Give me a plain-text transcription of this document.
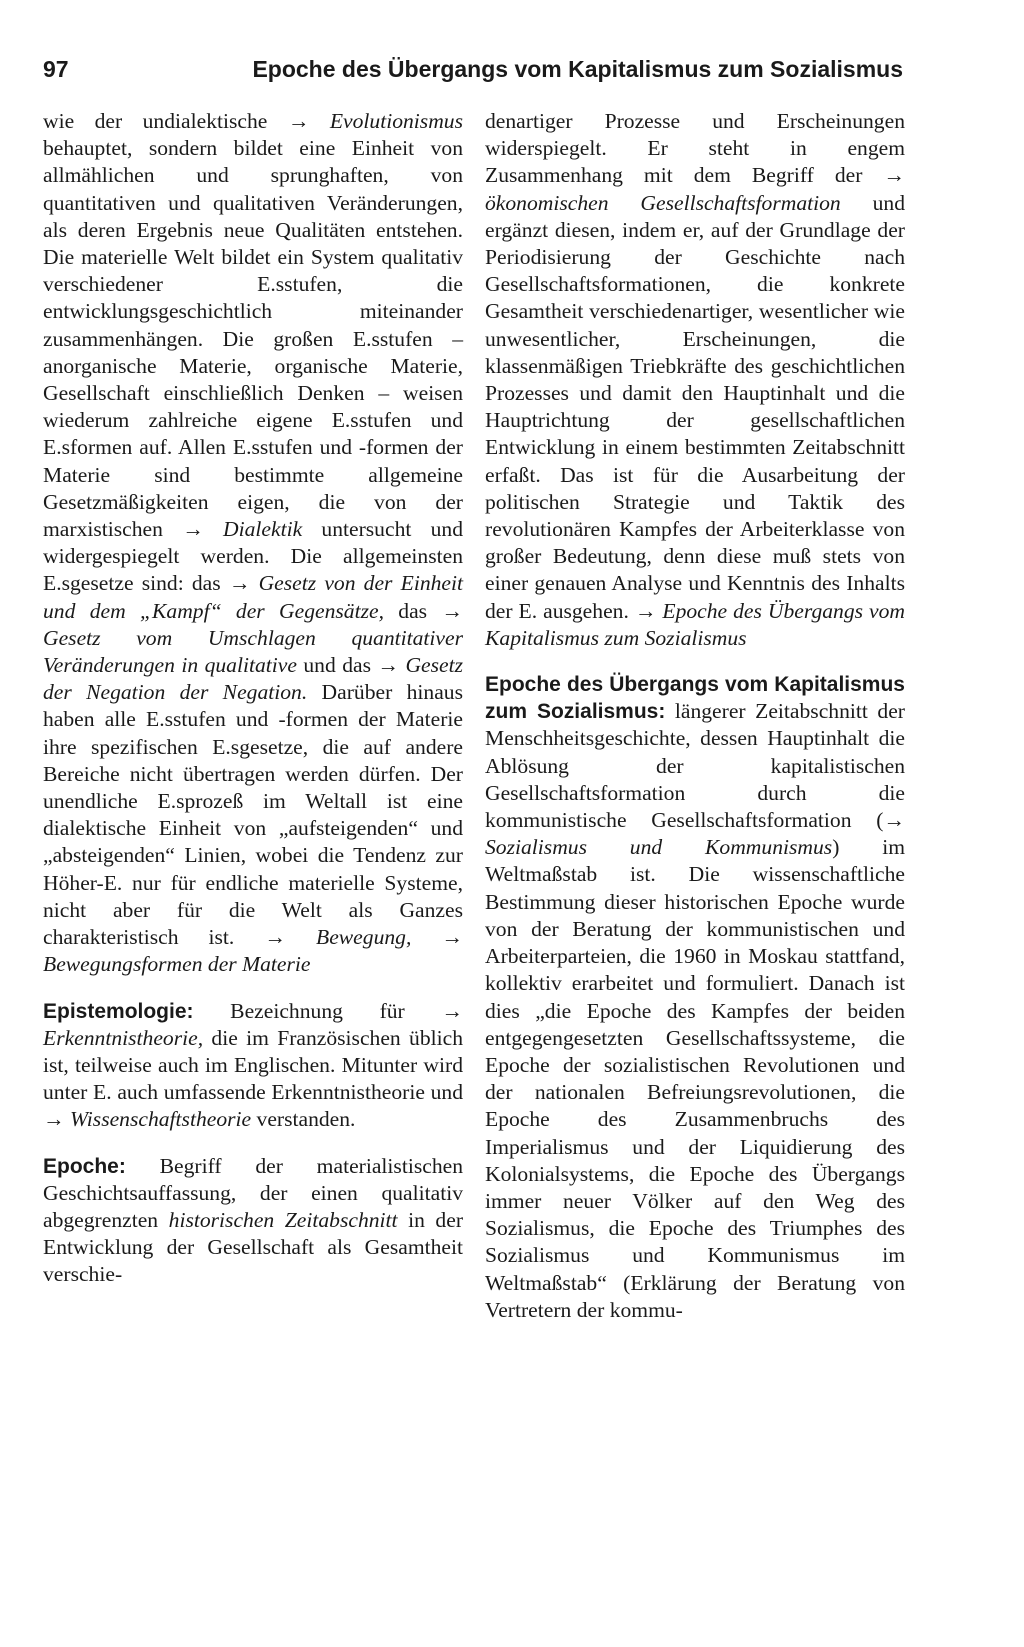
97	Epoche des Übergangs vom Kapitalismus zum Sozialismus

wie der undialektische → Evolutionismus behauptet, sondern bildet eine Einheit von allmählichen und sprunghaften, von quantitativen und qualitativen Veränderungen, als deren Ergebnis neue Qualitäten entstehen. Die materielle Welt bildet ein System qualitativ verschiedener E.sstufen, die entwicklungsgeschichtlich miteinander zusammenhängen. Die großen E.sstufen – anorganische Materie, organische Materie, Gesellschaft einschließlich Denken – weisen wiederum zahlreiche eigene E.sstufen und E.sformen auf. Allen E.sstufen und -formen der Materie sind bestimmte allgemeine Gesetzmäßigkeiten eigen, die von der marxistischen → Dialektik untersucht und widergespiegelt werden. Die allgemeinsten E.sgesetze sind: das → Gesetz von der Einheit und dem „Kampf“ der Gegensätze, das → Gesetz vom Umschlagen quantitativer Veränderungen in qualitative und das → Gesetz der Negation der Negation. Darüber hinaus haben alle E.sstufen und -formen der Materie ihre spezifischen E.sgesetze, die auf andere Bereiche nicht übertragen werden dürfen. Der unendliche E.sprozeß im Weltall ist eine dialektische Einheit von „aufsteigenden“ und „absteigenden“ Linien, wobei die Tendenz zur Höher-E. nur für endliche materielle Systeme, nicht aber für die Welt als Ganzes charakteristisch ist. → Bewegung, → Bewegungsformen der Materie

Epistemologie: Bezeichnung für → Erkenntnistheorie, die im Französischen üblich ist, teilweise auch im Englischen. Mitunter wird unter E. auch umfassende Erkenntnistheorie und → Wissenschaftstheorie verstanden.

Epoche: Begriff der materialistischen Geschichtsauffassung, der einen qualitativ abgegrenzten historischen Zeitabschnitt in der Entwicklung der Gesellschaft als Gesamtheit verschie-

denartiger Prozesse und Erscheinungen widerspiegelt. Er steht in engem Zusammenhang mit dem Begriff der → ökonomischen Gesellschaftsformation und ergänzt diesen, indem er, auf der Grundlage der Periodisierung der Geschichte nach Gesellschaftsformationen, die konkrete Gesamtheit verschiedenartiger, wesentlicher wie unwesentlicher, Erscheinungen, die klassenmäßigen Triebkräfte des geschichtlichen Prozesses und damit den Hauptinhalt und die Hauptrichtung der gesellschaftlichen Entwicklung in einem bestimmten Zeitabschnitt erfaßt. Das ist für die Ausarbeitung der politischen Strategie und Taktik des revolutionären Kampfes der Arbeiterklasse von großer Bedeutung, denn diese muß stets von einer genauen Analyse und Kenntnis des Inhalts der E. ausgehen. → Epoche des Übergangs vom Kapitalismus zum Sozialismus

Epoche des Übergangs vom Kapitalismus zum Sozialismus: längerer Zeitabschnitt der Menschheitsgeschichte, dessen Hauptinhalt die Ablösung der kapitalistischen Gesellschaftsformation durch die kommunistische Gesellschaftsformation (→ Sozialismus und Kommunismus) im Weltmaßstab ist. Die wissenschaftliche Bestimmung dieser historischen Epoche wurde von der Beratung der kommunistischen und Arbeiterparteien, die 1960 in Moskau stattfand, kollektiv erarbeitet und formuliert. Danach ist dies „die Epoche des Kampfes der beiden entgegengesetzten Gesellschaftssysteme, die Epoche der sozialistischen Revolutionen und der nationalen Befreiungsrevolutionen, die Epoche des Zusammenbruchs des Imperialismus und der Liquidierung des Kolonialsystems, die Epoche des Übergangs immer neuer Völker auf den Weg des Sozialismus, die Epoche des Triumphes des Sozialismus und Kommunismus im Weltmaßstab“ (Erklärung der Beratung von Vertretern der kommu-
